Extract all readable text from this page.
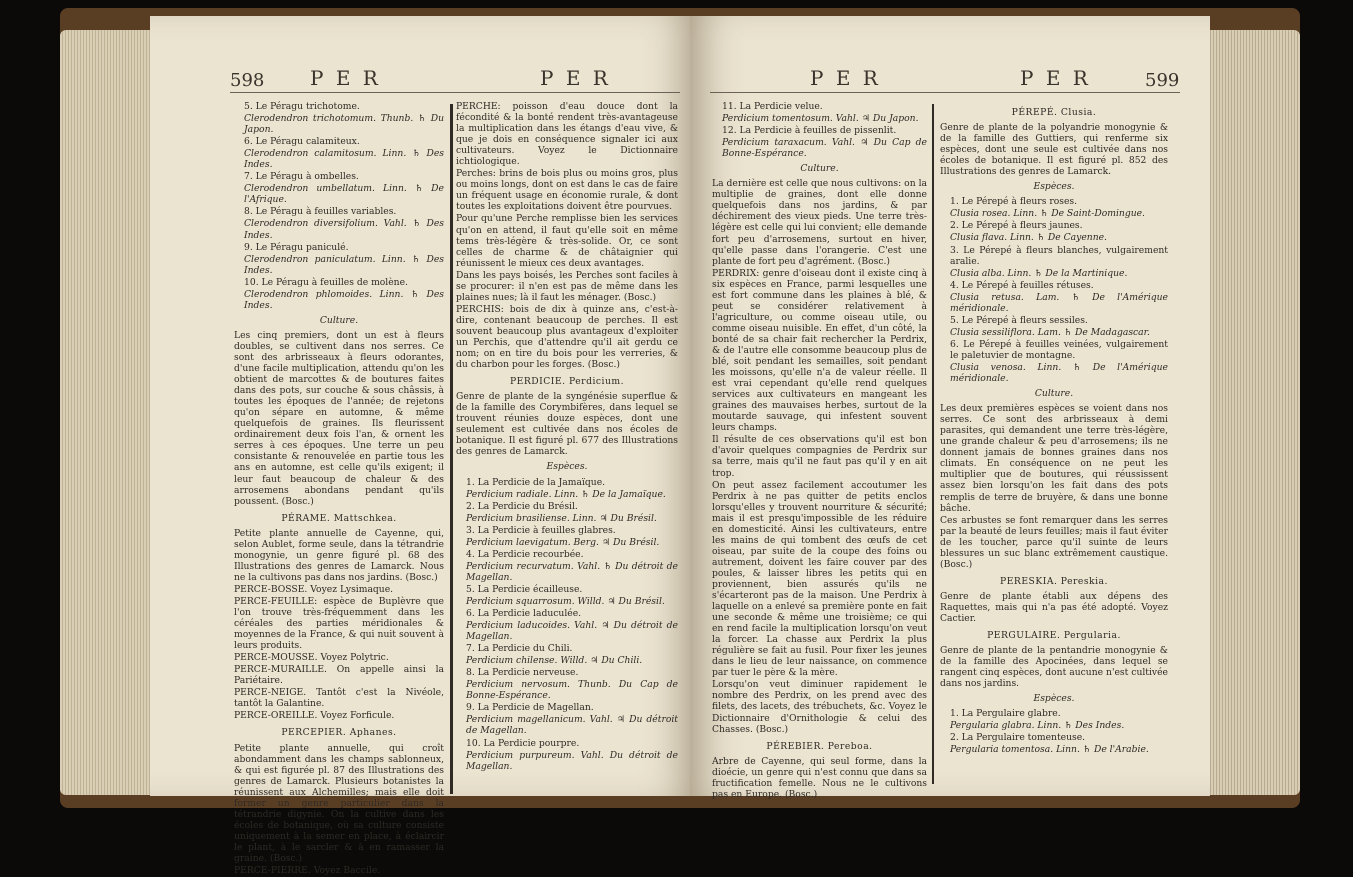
598 P E R	P E R

5. Le Péragu trichotome.

Clerodendron trichotomum. Thunb. ♄ Du Japon.

6. Le Péragu calamiteux.

Clerodendron calamitosum. Linn. ♄ Des Indes.

7. Le Péragu à ombelles.

Clerodendron umbellatum. Linn. ♄ De l'Afrique.

8. Le Péragu à feuilles variables.

Clerodendron diversifolium. Vahl. ♄ Des Indes.

9. Le Péragu paniculé.

Clerodendron paniculatum. Linn. ♄ Des Indes.

10. Le Péragu à feuilles de molène.

Clerodendron phlomoides. Linn. ♄ Des Indes.

Culture.

Les cinq premiers, dont un est à fleurs doubles, se cultivent dans nos serres. Ce sont des arbrisseaux à fleurs odorantes, d'une facile multiplication, attendu qu'on les obtient de marcottes & de boutures faites dans des pots, sur couche & sous châssis, à toutes les époques de l'année; de rejetons qu'on sépare en automne, & même quelquefois de graines. Ils fleurissent ordinairement deux fois l'an, & ornent les serres à ces époques. Une terre un peu consistante & renouvelée en partie tous les ans en automne, est celle qu'ils exigent; il leur faut beaucoup de chaleur & des arrosemens abondans pendant qu'ils poussent. (Bosc.)

PÉRAME. Mattschkea.

Petite plante annuelle de Cayenne, qui, selon Aublet, forme seule, dans la tétrandrie monogynie, un genre figuré pl. 68 des Illustrations des genres de Lamarck. Nous ne la cultivons pas dans nos jardins. (Bosc.)

PERCE-BOSSE. Voyez Lysimaque.

PERCE-FEUILLE: espèce de Buplèvre que l'on trouve très-fréquemment dans les céréales des parties méridionales & moyennes de la France, & qui nuit souvent à leurs produits.

PERCE-MOUSSE. Voyez Polytric.

PERCE-MURAILLE. On appelle ainsi la Pariétaire.

PERCE-NEIGE. Tantôt c'est la Nivéole, tantôt la Galantine.

PERCE-OREILLE. Voyez Forficule.

PERCEPIER. Aphanes.

Petite plante annuelle, qui croît abondamment dans les champs sablonneux, & qui est figurée pl. 87 des Illustrations des genres de Lamarck. Plusieurs botanistes la réunissent aux Alchemilles; mais elle doit former un genre particulier dans la tétrandrie digynie. On la cultive dans les écoles de botanique, où sa culture consiste uniquement à la semer en place, à éclaircir le plant, à le sarcler & à en ramasser la graine. (Bosc.)

PERCE-PIERRE. Voyez Baccile.

PERCHE: poisson d'eau douce dont la fécondité & la bonté rendent très-avantageuse la multiplication dans les étangs d'eau vive, & que je dois en conséquence signaler ici aux cultivateurs. Voyez le Dictionnaire ichtiologique.

Perches: brins de bois plus ou moins gros, plus ou moins longs, dont on est dans le cas de faire un fréquent usage en économie rurale, & dont toutes les exploitations doivent être pourvues.

Pour qu'une Perche remplisse bien les services qu'on en attend, il faut qu'elle soit en même tems très-légère & très-solide. Or, ce sont celles de charme & de châtaignier qui réunissent le mieux ces deux avantages.

Dans les pays boisés, les Perches sont faciles à se procurer: il n'en est pas de même dans les plaines nues; là il faut les ménager. (Bosc.)

PERCHIS: bois de dix à quinze ans, c'est-à-dire, contenant beaucoup de perches. Il est souvent beaucoup plus avantageux d'exploiter un Perchis, que d'attendre qu'il ait gerdu ce nom; on en tire du bois pour les verreries, & du charbon pour les forges. (Bosc.)

PERDICIE. Perdicium.

Genre de plante de la syngénésie superflue & de la famille des Corymbifères, dans lequel se trouvent réunies douze espèces, dont une seulement est cultivée dans nos écoles de botanique. Il est figuré pl. 677 des Illustrations des genres de Lamarck.

Espèces.

1. La Perdicie de la Jamaïque.

Perdicium radiale. Linn. ♄ De la Jamaïque.

2. La Perdicie du Brésil.

Perdicium brasiliense. Linn. ♃ Du Brésil.

3. La Perdicie à feuilles glabres.

Perdicium laevigatum. Berg. ♃ Du Brésil.

4. La Perdicie recourbée.

Perdicium recurvatum. Vahl. ♄ Du détroit de Magellan.

5. La Perdicie écailleuse.

Perdicium squarrosum. Willd. ♃ Du Brésil.

6. La Perdicie laduculée.

Perdicium laducoides. Vahl. ♃ Du détroit de Magellan.

7. La Perdicie du Chili.

Perdicium chilense. Willd. ♃ Du Chili.

8. La Perdicie nerveuse.

Perdicium nervosum. Thunb. Du Cap de Bonne-Espérance.

9. La Perdicie de Magellan.

Perdicium magellanicum. Vahl. ♃ Du détroit de Magellan.

10. La Perdicie pourpre.

Perdicium purpureum. Vahl. Du détroit de Magellan.

P E R	P E R	599

11. La Perdicie velue.

Perdicium tomentosum. Vahl. ♃ Du Japon.

12. La Perdicie à feuilles de pissenlit.

Perdicium taraxacum. Vahl. ♃ Du Cap de Bonne-Espérance.

Culture.

La dernière est celle que nous cultivons: on la multiplie de graines, dont elle donne quelquefois dans nos jardins, & par déchirement des vieux pieds. Une terre très-légère est celle qui lui convient; elle demande fort peu d'arrosemens, surtout en hiver, qu'elle passe dans l'orangerie. C'est une plante de fort peu d'agrément. (Bosc.)

PERDRIX: genre d'oiseau dont il existe cinq à six espèces en France, parmi lesquelles une est fort commune dans les plaines à blé, & peut se considérer relativement à l'agriculture, ou comme oiseau utile, ou comme oiseau nuisible. En effet, d'un côté, la bonté de sa chair fait rechercher la Perdrix, & de l'autre elle consomme beaucoup plus de blé, soit pendant les semailles, soit pendant les moissons, qu'elle n'a de valeur réelle. Il est vrai cependant qu'elle rend quelques services aux cultivateurs en mangeant les graines des mauvaises herbes, surtout de la moutarde sauvage, qui infestent souvent leurs champs.

Il résulte de ces observations qu'il est bon d'avoir quelques compagnies de Perdrix sur sa terre, mais qu'il ne faut pas qu'il y en ait trop.

On peut assez facilement accoutumer les Perdrix à ne pas quitter de petits enclos lorsqu'elles y trouvent nourriture & sécurité; mais il est presqu'impossible de les réduire en domesticité. Ainsi les cultivateurs, entre les mains de qui tombent des œufs de cet oiseau, par suite de la coupe des foins ou autrement, doivent les faire couver par des poules, & laisser libres les petits qui en proviennent, bien assurés qu'ils ne s'écarteront pas de la maison. Une Perdrix à laquelle on a enlevé sa première ponte en fait une seconde & même une troisième; ce qui en rend facile la multiplication lorsqu'on veut la forcer. La chasse aux Perdrix la plus régulière se fait au fusil. Pour fixer les jeunes dans le lieu de leur naissance, on commence par tuer le père & la mère.

Lorsqu'on veut diminuer rapidement le nombre des Perdrix, on les prend avec des filets, des lacets, des trébuchets, &c. Voyez le Dictionnaire d'Ornithologie & celui des Chasses. (Bosc.)

PÉREBIER. Pereboa.

Arbre de Cayenne, qui seul forme, dans la dioécie, un genre qui n'est connu que dans sa fructification femelle. Nous ne le cultivons pas en Europe. (Bosc.)

PÉREPÉ. Clusia.

Genre de plante de la polyandrie monogynie & de la famille des Guttiers, qui renferme six espèces, dont une seule est cultivée dans nos écoles de botanique. Il est figuré pl. 852 des Illustrations des genres de Lamarck.

Espèces.

1. Le Pérepé à fleurs roses.

Clusia rosea. Linn. ♄ De Saint-Domingue.

2. Le Pérepé à fleurs jaunes.

Clusia flava. Linn. ♄ De Cayenne.

3. Le Pérepé à fleurs blanches, vulgairement aralie.

Clusia alba. Linn. ♄ De la Martinique.

4. Le Pérepé à feuilles rétuses.

Clusia retusa. Lam. ♄ De l'Amérique méridionale.

5. Le Pérepé à fleurs sessiles.

Clusia sessiliflora. Lam. ♄ De Madagascar.

6. Le Pérepé à feuilles veinées, vulgairement le paletuvier de montagne.

Clusia venosa. Linn. ♄ De l'Amérique méridionale.

Culture.

Les deux premières espèces se voient dans nos serres. Ce sont des arbrisseaux à demi parasites, qui demandent une terre très-légère, une grande chaleur & peu d'arrosemens; ils ne donnent jamais de bonnes graines dans nos climats. En conséquence on ne peut les multiplier que de boutures, qui réussissent assez bien lorsqu'on les fait dans des pots remplis de terre de bruyère, & dans une bonne bâche.

Ces arbustes se font remarquer dans les serres par la beauté de leurs feuilles; mais il faut éviter de les toucher, parce qu'il suinte de leurs blessures un suc blanc extrêmement caustique. (Bosc.)

PERESKIA. Pereskia.

Genre de plante établi aux dépens des Raquettes, mais qui n'a pas été adopté. Voyez Cactier.

PERGULAIRE. Pergularia.

Genre de plante de la pentandrie monogynie & de la famille des Apocinées, dans lequel se rangent cinq espèces, dont aucune n'est cultivée dans nos jardins.

Espèces.

1. La Pergulaire glabre.

Pergularia glabra. Linn. ♄ Des Indes.

2. La Pergulaire tomenteuse.

Pergularia tomentosa. Linn. ♄ De l'Arabie.
